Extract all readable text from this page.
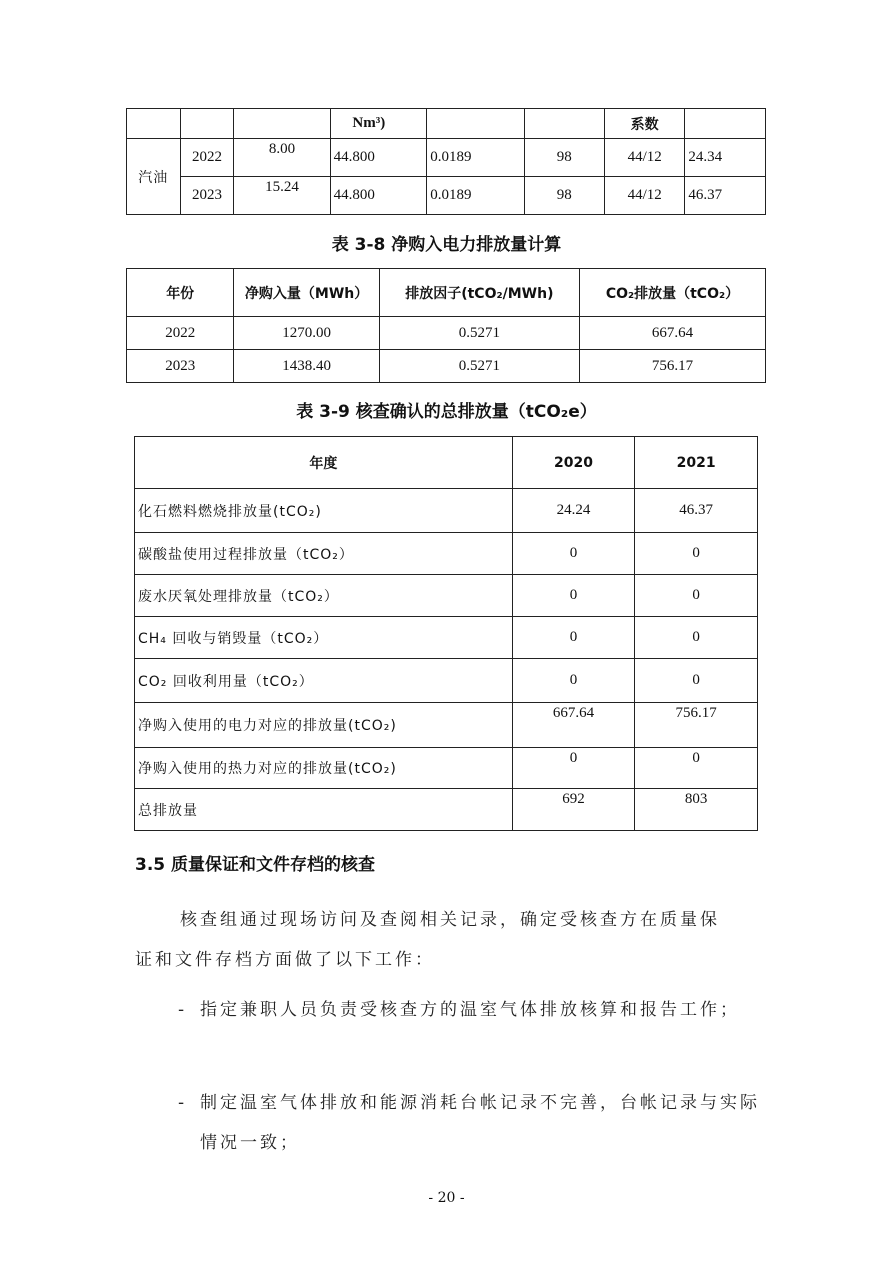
			Nm³)			系数	
汽油	2022	8.00	44.800	0.0189	98	44/12	24.34
	2023	15.24	44.800	0.0189	98	44/12	46.37
表 3-8 净购入电力排放量计算
年份	净购入量（MWh）	排放因子(tCO₂/MWh)	CO₂排放量（tCO₂）
2022	1270.00	0.5271	667.64
2023	1438.40	0.5271	756.17
表 3-9 核查确认的总排放量（tCO₂e）
年度	2020	2021
化石燃料燃烧排放量(tCO₂)	24.24	46.37
碳酸盐使用过程排放量（tCO₂）	0	0
废水厌氧处理排放量（tCO₂）	0	0
CH₄ 回收与销毁量（tCO₂）	0	0
CO₂ 回收利用量（tCO₂）	0	0
净购入使用的电力对应的排放量(tCO₂)	667.64	756.17
净购入使用的热力对应的排放量(tCO₂)	0	0
总排放量	692	803
3.5 质量保证和文件存档的核查
核查组通过现场访问及查阅相关记录，确定受核查方在质量保
证和文件存档方面做了以下工作：
- 指定兼职人员负责受核查方的温室气体排放核算和报告工作；
- 制定温室气体排放和能源消耗台帐记录不完善，台帐记录与实际情况一致；
- 20 -
